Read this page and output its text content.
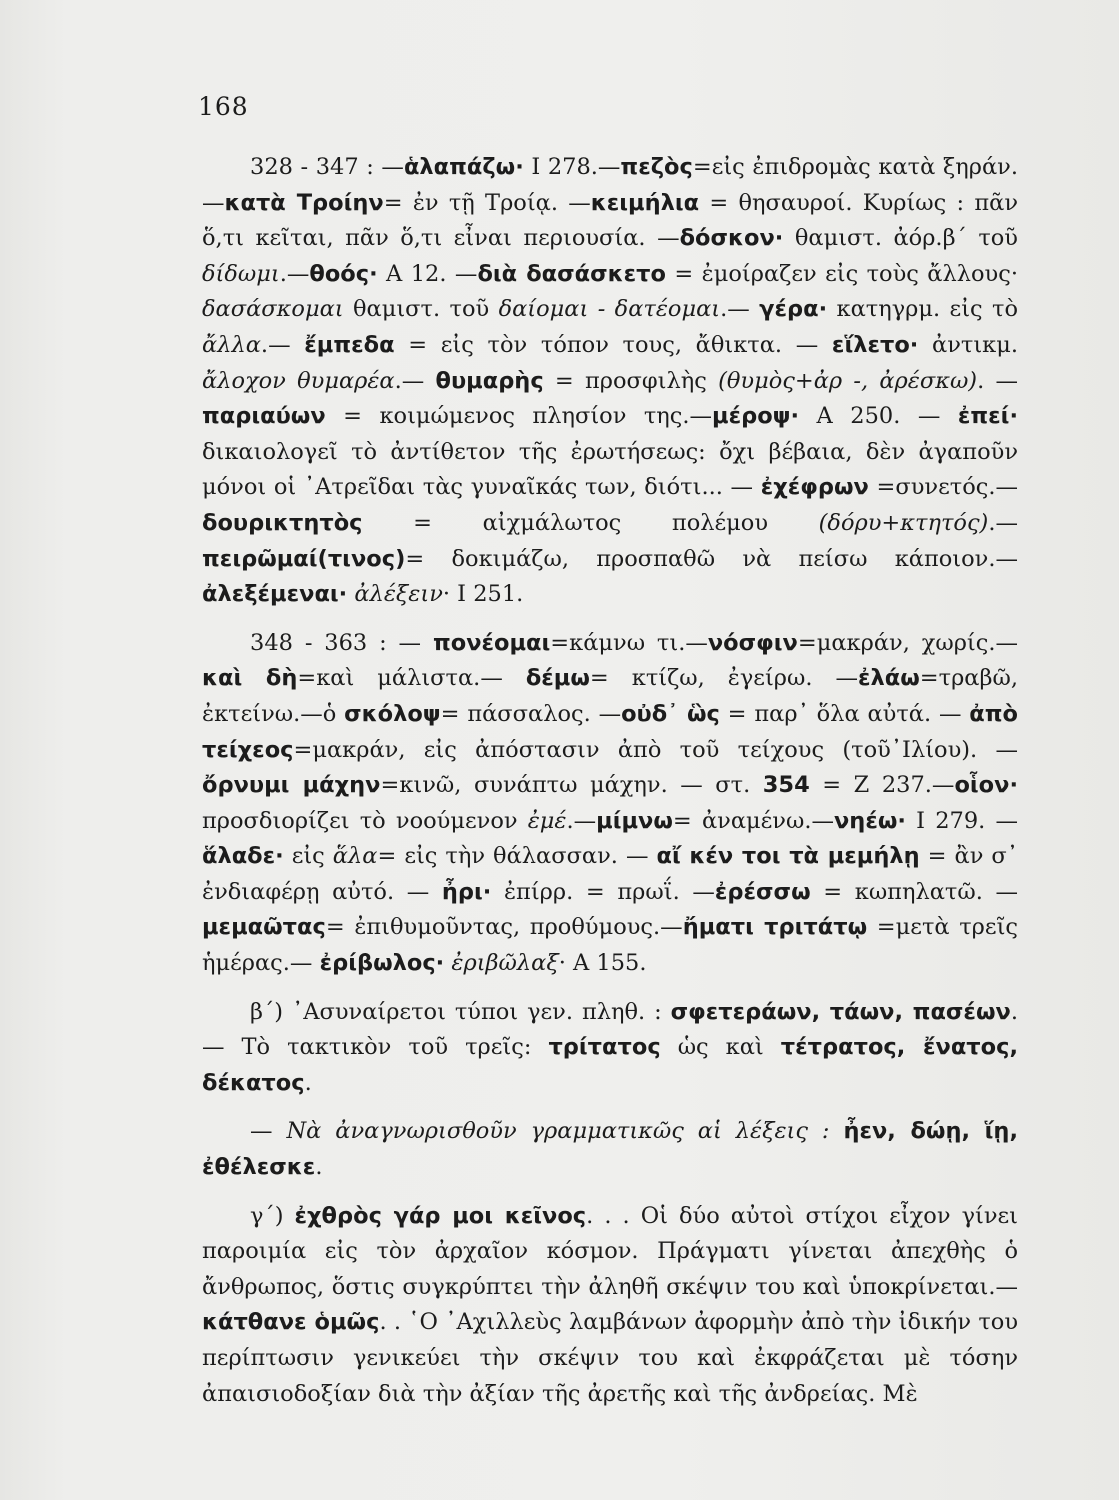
168

328 - 347 : —ἁλαπάζω· Ι 278.—πεζὸς=εἰς ἐπιδρομὰς κατὰ ξηράν.—κατὰ Τροίην= ἐν τῇ Τροίᾳ. —κειμήλια = θησαυροί. Κυρίως : πᾶν ὅ,τι κεῖται, πᾶν ὅ,τι εἶναι περιουσία. —δόσκον· θαμιστ. ἀόρ.β΄ τοῦ δίδωμι.—θοός· Α 12. —διὰ δασάσκετο = ἐμοίραζεν εἰς τοὺς ἄλλους· δασάσκομαι θαμιστ. τοῦ δαίομαι - δατέομαι.— γέρα· κατηγρμ. εἰς τὸ ἄλλα.— ἔμπεδα = εἰς τὸν τόπον τους, ἄθικτα. — εἵλετο· ἀντικμ. ἄλοχον θυμαρέα.— θυμαρὴς = προσφιλὴς (θυμὸς+ἀρ -, ἀρέσκω). — παριαύων = κοιμώμενος πλησίον της.—μέροψ· Α 250. — ἐπεί· δικαιολογεῖ τὸ ἀντίθετον τῆς ἐρωτήσεως: ὄχι βέβαια, δὲν ἀγαποῦν μόνοι οἱ ᾿Ατρεῖδαι τὰς γυναῖκάς των, διότι... — ἐχέφρων =συνετός.—δουρικτητὸς = αἰχμάλωτος πολέμου (δόρυ+κτητός).—πειρῶμαί(τινος)= δοκιμάζω, προσπαθῶ νὰ πείσω κάποιον.—ἀλεξέμεναι· ἀλέξειν· Ι 251.

348 - 363 : — πονέομαι=κάμνω τι.—νόσφιν=μακράν, χωρίς.— καὶ δὴ=καὶ μάλιστα.— δέμω= κτίζω, ἐγείρω. —ἐλάω=τραβῶ, ἐκτείνω.—ὁ σκόλοψ= πάσσαλος. —οὐδ᾿ ὣς = παρ᾿ ὅλα αὐτά. — ἀπὸ τείχεος=μακράν, εἰς ἀπόστασιν ἀπὸ τοῦ τείχους (τοῦ᾿Ιλίου). — ὄρνυμι μάχην=κινῶ, συνάπτω μάχην. — στ. 354 = Ζ 237.—οἷον· προσδιορίζει τὸ νοούμενον ἐμέ.—μίμνω= ἀναμένω.—νηέω· Ι 279. —ἅλαδε· εἰς ἅλα= εἰς τὴν θάλασσαν. — αἴ κέν τοι τὰ μεμήλῃ = ἂν σ᾿ ἐνδιαφέρῃ αὐτό. — ἦρι· ἐπίρρ. = πρωΐ. —ἐρέσσω = κωπηλατῶ. — μεμαῶτας= ἐπιθυμοῦντας, προθύμους.—ἤματι τριτάτῳ =μετὰ τρεῖς ἡμέρας.— ἐρίβωλος· ἐριβῶλαξ· Α 155.

β΄) ᾿Ασυναίρετοι τύποι γεν. πληθ. : σφετεράων, τάων, πασέων. — Τὸ τακτικὸν τοῦ τρεῖς: τρίτατος ὡς καὶ τέτρατος, ἔνατος, δέκατος.

— Νὰ ἀναγνωρισθοῦν γραμματικῶς αἱ λέξεις : ἦεν, δώῃ, ἵῃ, ἐθέλεσκε.

γ΄) ἐχθρὸς γάρ μοι κεῖνος. . . Οἱ δύο αὐτοὶ στίχοι εἶχον γίνει παροιμία εἰς τὸν ἀρχαῖον κόσμον. Πράγματι γίνεται ἀπεχθὴς ὁ ἄνθρωπος, ὅστις συγκρύπτει τὴν ἀληθῆ σκέψιν του καὶ ὑποκρίνεται.—κάτθανε ὁμῶς. . ῾Ο ᾿Αχιλλεὺς λαμβάνων ἀφορμὴν ἀπὸ τὴν ἰδικήν του περίπτωσιν γενικεύει τὴν σκέψιν του καὶ ἐκφράζεται μὲ τόσην ἀπαισιοδοξίαν διὰ τὴν ἀξίαν τῆς ἀρετῆς καὶ τῆς ἀνδρείας. Μὲ
